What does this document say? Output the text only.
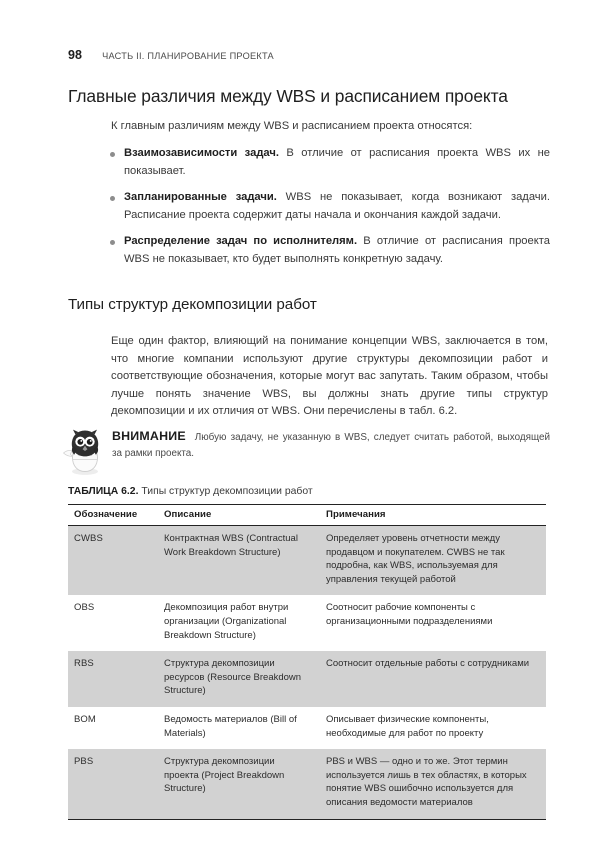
98 ЧАСТЬ II. ПЛАНИРОВАНИЕ ПРОЕКТА
Главные различия между WBS и расписанием проекта
К главным различиям между WBS и расписанием проекта относятся:
Взаимозависимости задач. В отличие от расписания проекта WBS их не показывает.
Запланированные задачи. WBS не показывает, когда возникают задачи. Расписание проекта содержит даты начала и окончания каждой задачи.
Распределение задач по исполнителям. В отличие от расписания проекта WBS не показывает, кто будет выполнять конкретную задачу.
Типы структур декомпозиции работ
Еще один фактор, влияющий на понимание концепции WBS, заключается в том, что многие компании используют другие структуры декомпозиции работ и соответствующие обозначения, которые могут вас запутать. Таким образом, чтобы лучше понять значение WBS, вы должны знать другие типы структур декомпозиции и их отличия от WBS. Они перечислены в табл. 6.2.
ВНИМАНИЕ Любую задачу, не указанную в WBS, следует считать работой, выходящей за рамки проекта.
ТАБЛИЦА 6.2. Типы структур декомпозиции работ
Обозначение	Описание	Примечания
CWBS	Контрактная WBS (Contractual Work Breakdown Structure)	Определяет уровень отчетности между продавцом и покупателем. CWBS не так подробна, как WBS, используемая для управления текущей работой
OBS	Декомпозиция работ внутри организации (Organizational Breakdown Structure)	Соотносит рабочие компоненты с организационными подразделениями
RBS	Структура декомпозиции ресурсов (Resource Breakdown Structure)	Соотносит отдельные работы с сотрудниками
BOM	Ведомость материалов (Bill of Materials)	Описывает физические компоненты, необходимые для работ по проекту
PBS	Структура декомпозиции проекта (Project Breakdown Structure)	PBS и WBS — одно и то же. Этот термин используется лишь в тех областях, в которых понятие WBS ошибочно используется для описания ведомости материалов
